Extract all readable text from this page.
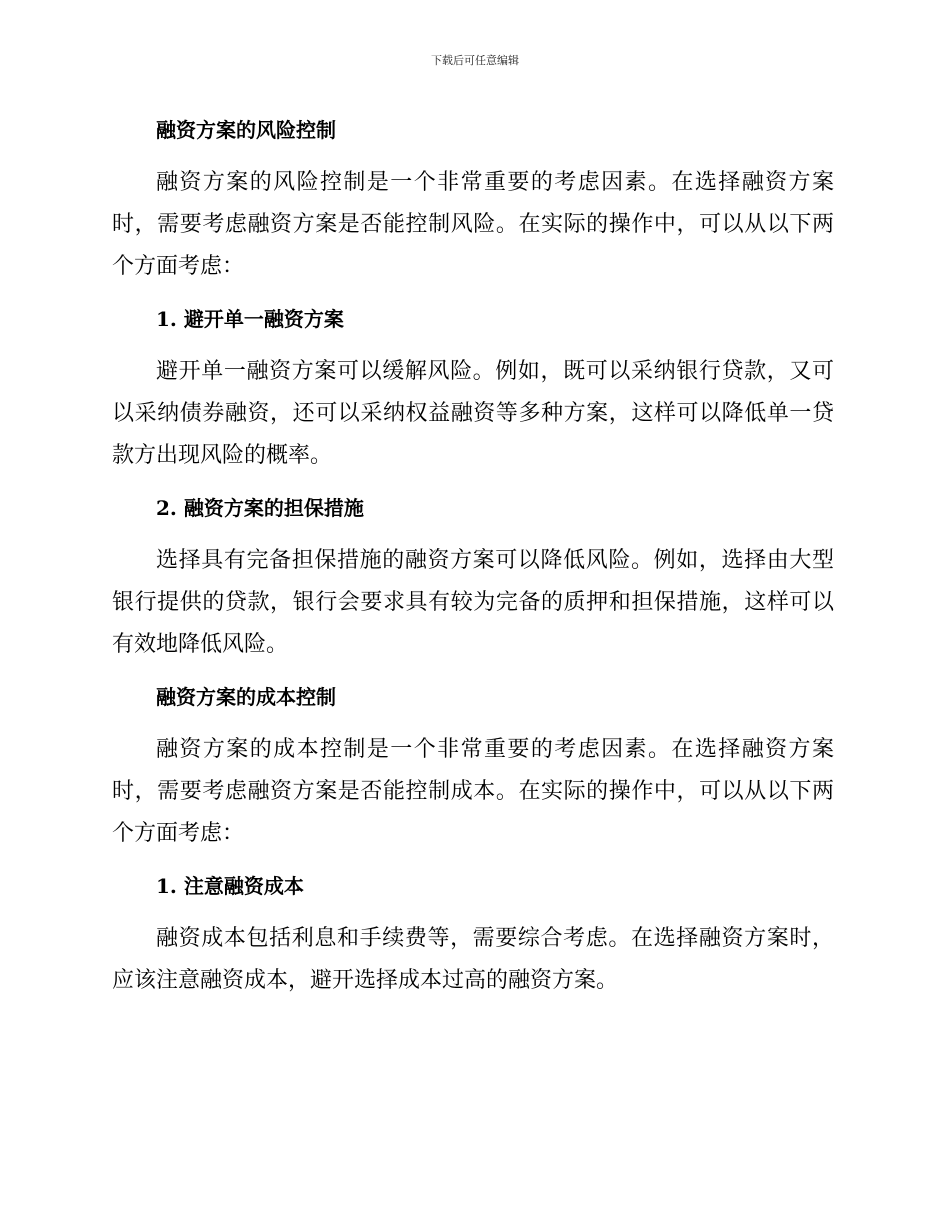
下载后可任意编辑
融资方案的风险控制

融资方案的风险控制是一个非常重要的考虑因素。在选择融资方案时，需要考虑融资方案是否能控制风险。在实际的操作中，可以从以下两个方面考虑：

1. 避开单一融资方案

避开单一融资方案可以缓解风险。例如，既可以采纳银行贷款，又可以采纳债券融资，还可以采纳权益融资等多种方案，这样可以降低单一贷款方出现风险的概率。

2. 融资方案的担保措施

选择具有完备担保措施的融资方案可以降低风险。例如，选择由大型银行提供的贷款，银行会要求具有较为完备的质押和担保措施，这样可以有效地降低风险。

融资方案的成本控制

融资方案的成本控制是一个非常重要的考虑因素。在选择融资方案时，需要考虑融资方案是否能控制成本。在实际的操作中，可以从以下两个方面考虑：

1. 注意融资成本

融资成本包括利息和手续费等，需要综合考虑。在选择融资方案时，应该注意融资成本，避开选择成本过高的融资方案。
